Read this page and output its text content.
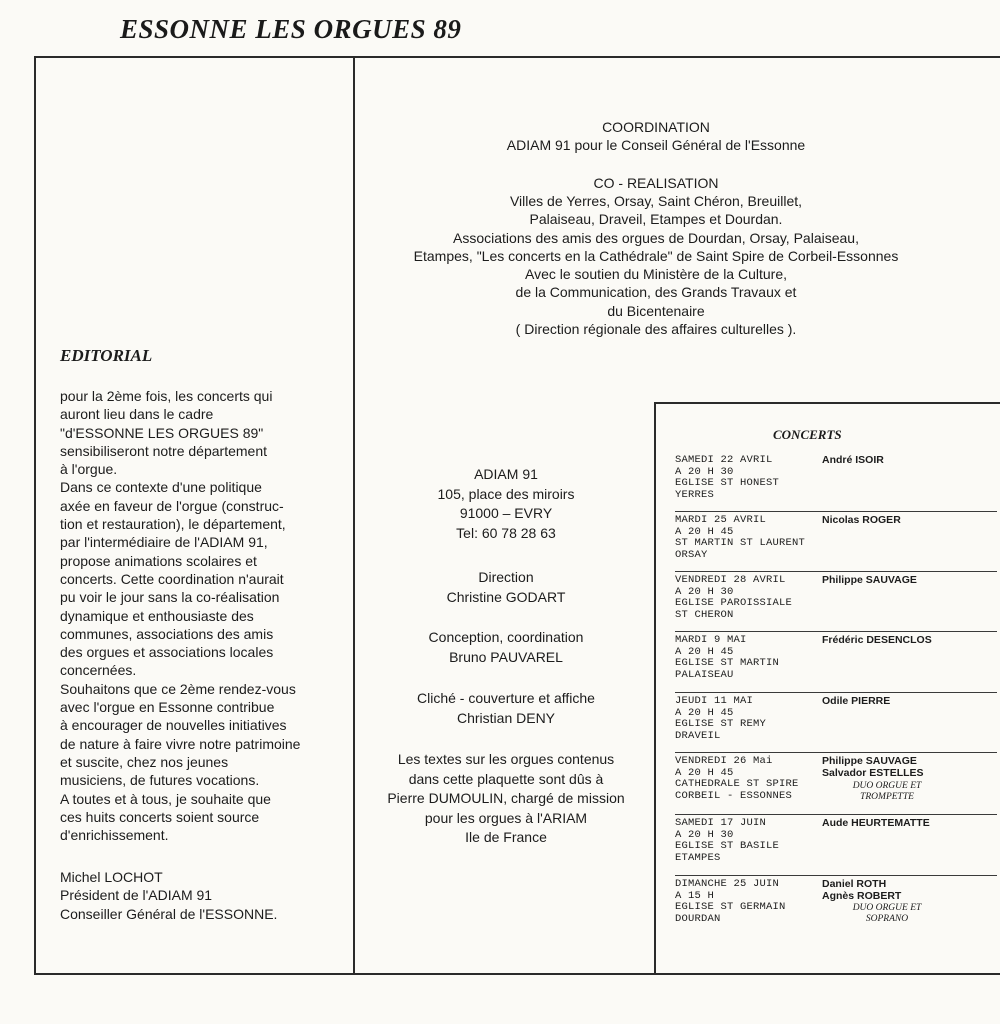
ESSONNE LES ORGUES 89
EDITORIAL
pour la 2ème fois, les concerts qui
auront lieu dans le cadre
"d'ESSONNE LES ORGUES 89"
sensibiliseront notre département
à l'orgue.
Dans ce contexte d'une politique
axée en faveur de l'orgue (construc-
tion et restauration), le département,
par l'intermédiaire de l'ADIAM 91,
propose animations scolaires et
concerts. Cette coordination n'aurait
pu voir le jour sans la co-réalisation
dynamique et enthousiaste des
communes, associations des amis
des orgues et associations locales
concernées.
Souhaitons que ce 2ème rendez-vous
avec l'orgue en Essonne contribue
à encourager de nouvelles initiatives
de nature à faire vivre notre patrimoine
et suscite, chez nos jeunes
musiciens, de futures vocations.
A toutes et à tous, je souhaite que
ces huits concerts soient source
d'enrichissement.
Michel LOCHOT
Président de l'ADIAM 91
Conseiller Général de l'ESSONNE.
COORDINATION
ADIAM 91 pour le Conseil Général de l'Essonne
CO - REALISATION
Villes de Yerres, Orsay, Saint Chéron, Breuillet,
Palaiseau, Draveil, Etampes et Dourdan.
Associations des amis des orgues de Dourdan, Orsay, Palaiseau,
Etampes, "Les concerts en la Cathédrale" de Saint Spire de Corbeil-Essonnes
Avec le soutien du Ministère de la Culture,
de la Communication, des Grands Travaux et
du Bicentenaire
( Direction régionale des affaires culturelles ).
ADIAM 91
105, place des miroirs
91000 – EVRY
Tel: 60 78 28 63
Direction
Christine GODART
Conception, coordination
Bruno PAUVAREL
Cliché - couverture et affiche
Christian DENY
Les textes sur les orgues contenus
dans cette plaquette sont dûs à
Pierre DUMOULIN, chargé de mission
pour les orgues à l'ARIAM
Ile de France
CONCERTS
SAMEDI 22 AVRIL
A 20 H 30
EGLISE ST HONEST
YERRES
André ISOIR
MARDI 25 AVRIL
A 20 H 45
ST MARTIN ST LAURENT
ORSAY
Nicolas ROGER
VENDREDI 28 AVRIL
A 20 H 30
EGLISE PAROISSIALE
ST CHERON
Philippe SAUVAGE
MARDI 9 MAI
A 20 H 45
EGLISE ST MARTIN
PALAISEAU
Frédéric DESENCLOS
JEUDI 11 MAI
A 20 H 45
EGLISE ST REMY
DRAVEIL
Odile PIERRE
VENDREDI 26 Mai
A 20 H 45
CATHEDRALE ST SPIRE
CORBEIL - ESSONNES
Philippe SAUVAGE
Salvador ESTELLES
DUO ORGUE ET
TROMPETTE
SAMEDI 17 JUIN
A 20 H 30
EGLISE ST BASILE
ETAMPES
Aude HEURTEMATTE
DIMANCHE 25 JUIN
A 15 H
EGLISE ST GERMAIN
DOURDAN
Daniel ROTH
Agnès ROBERT
DUO ORGUE ET
SOPRANO
